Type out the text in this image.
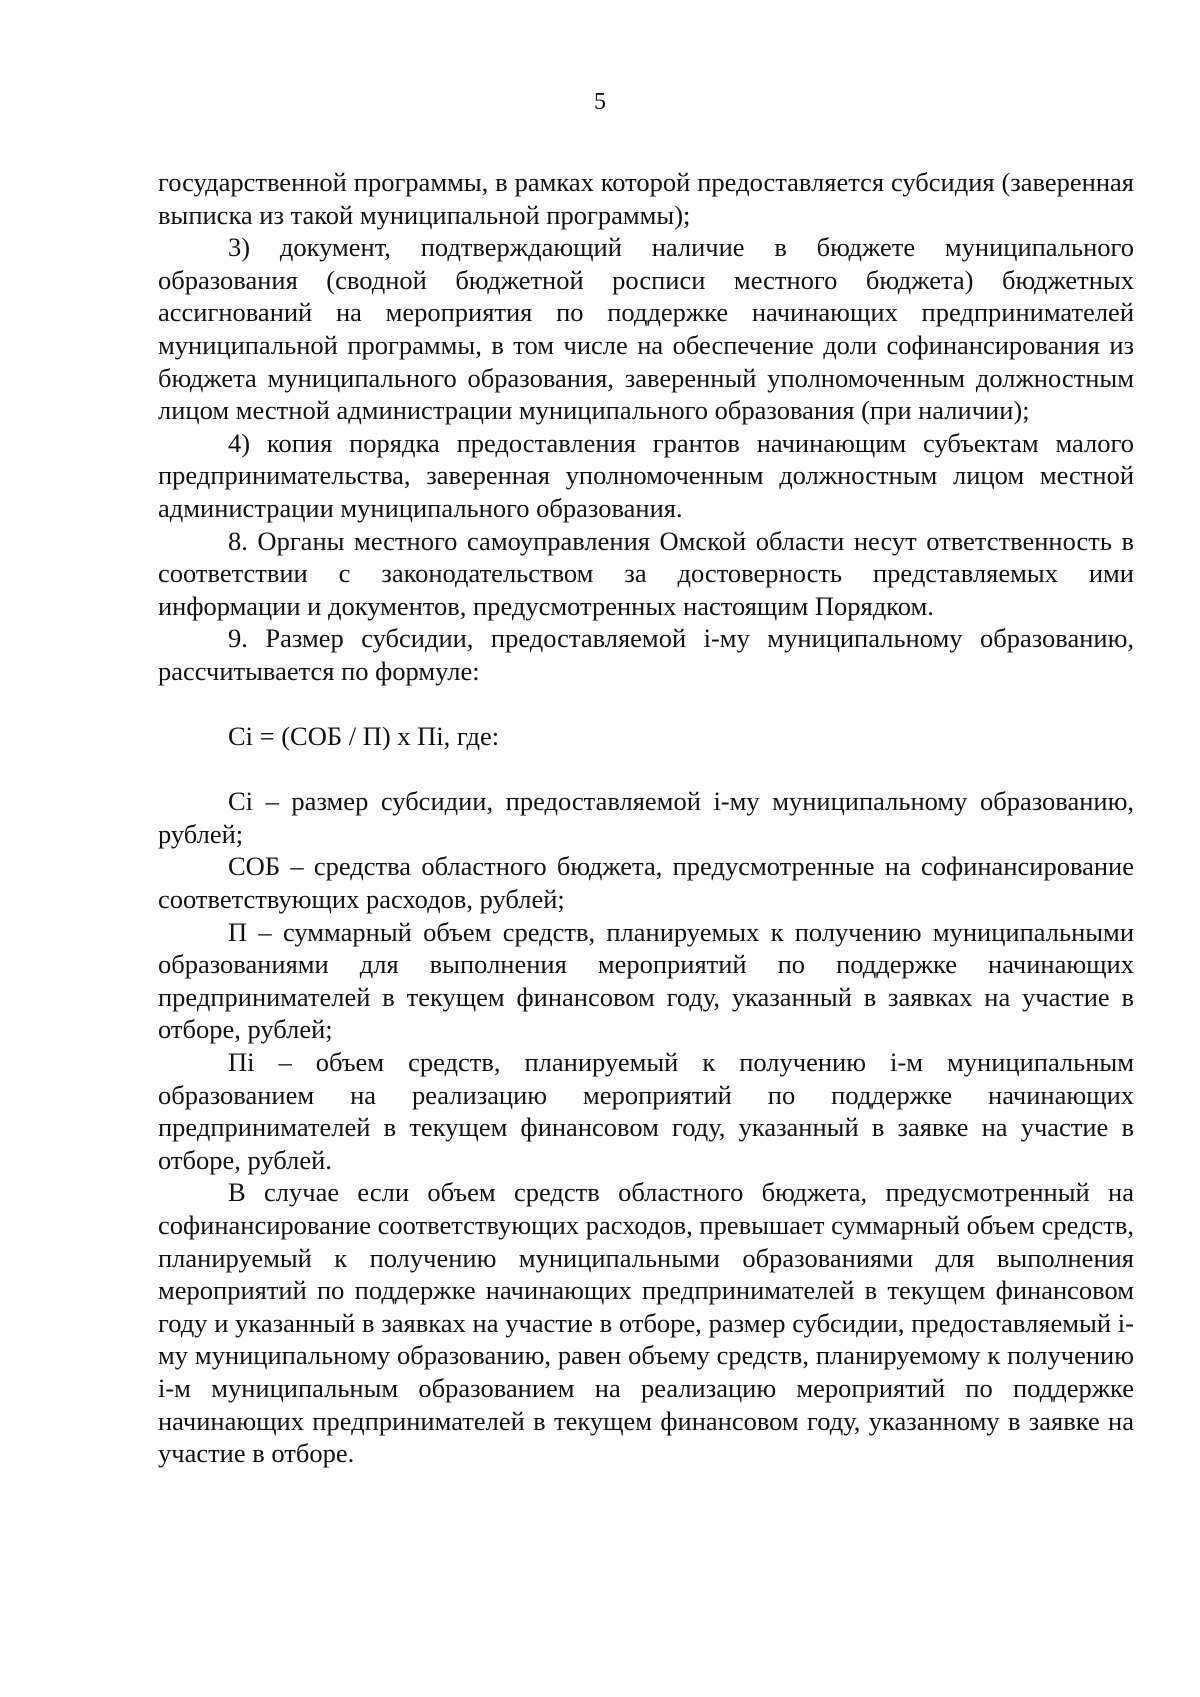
5

государственной программы, в рамках которой предоставляется субсидия (заверенная выписка из такой муниципальной программы);

3) документ, подтверждающий наличие в бюджете муниципального образования (сводной бюджетной росписи местного бюджета) бюджетных ассигнований на мероприятия по поддержке начинающих предпринимателей муниципальной программы, в том числе на обеспечение доли софинансирования из бюджета муниципального образования, заверенный уполномоченным должностным лицом местной администрации муниципального образования (при наличии);

4) копия порядка предоставления грантов начинающим субъектам малого предпринимательства, заверенная уполномоченным должностным лицом местной администрации муниципального образования.

8. Органы местного самоуправления Омской области несут ответственность в соответствии с законодательством за достоверность представляемых ими информации и документов, предусмотренных настоящим Порядком.

9. Размер субсидии, предоставляемой i-му муниципальному образованию, рассчитывается по формуле:

Ci = (СОБ / П) x Пi, где:

Ci – размер субсидии, предоставляемой i-му муниципальному образованию, рублей;

СОБ – средства областного бюджета, предусмотренные на софинансирование соответствующих расходов, рублей;

П – суммарный объем средств, планируемых к получению муниципальными образованиями для выполнения мероприятий по поддержке начинающих предпринимателей в текущем финансовом году, указанный в заявках на участие в отборе, рублей;

Пi – объем средств, планируемый к получению i-м муниципальным образованием на реализацию мероприятий по поддержке начинающих предпринимателей в текущем финансовом году, указанный в заявке на участие в отборе, рублей.

В случае если объем средств областного бюджета, предусмотренный на софинансирование соответствующих расходов, превышает суммарный объем средств, планируемый к получению муниципальными образованиями для выполнения мероприятий по поддержке начинающих предпринимателей в текущем финансовом году и указанный в заявках на участие в отборе, размер субсидии, предоставляемый i-му муниципальному образованию, равен объему средств, планируемому к получению i-м муниципальным образованием на реализацию мероприятий по поддержке начинающих предпринимателей в текущем финансовом году, указанному в заявке на участие в отборе.
